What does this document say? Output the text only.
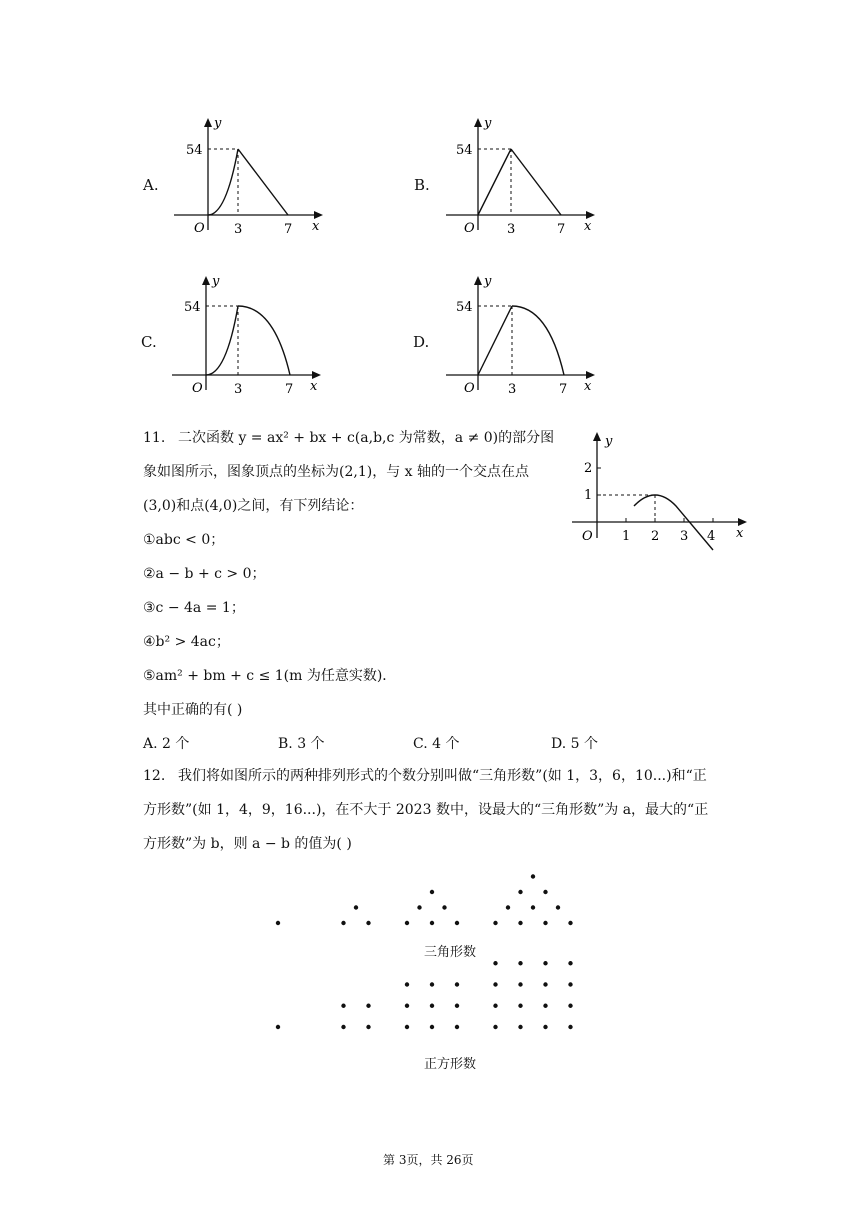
A.
y
54
O 3	7 x
B.
y
54
O 3	7 x
C.
y
54
O 3	7 x
D.
y
54
O	3	7 x
11. 二次函数 y = ax² + bx + c(a,b,c 为常数，a ≠ 0)的部分图
象如图所示，图象顶点的坐标为(2,1)，与 x 轴的一个交点在点
(3,0)和点(4,0)之间，有下列结论：
①abc < 0；
②a − b + c > 0；
③c − 4a = 1；
④b² > 4ac；
⑤am² + bm + c ≤ 1(m 为任意实数)．
其中正确的有( )
A. 2 个	B. 3 个	C. 4 个	D. 5 个
y
2
1
O 1 2 3 4 x
12. 我们将如图所示的两种排列形式的个数分别叫做“三角形数”(如 1，3，6，10...)和“正
方形数”(如 1，4，9，16...)，在不大于 2023 数中，设最大的“三角形数”为 a，最大的“正
方形数”为 b，则 a − b 的值为( )
三角形数
正方形数
第 3页，共 26页
